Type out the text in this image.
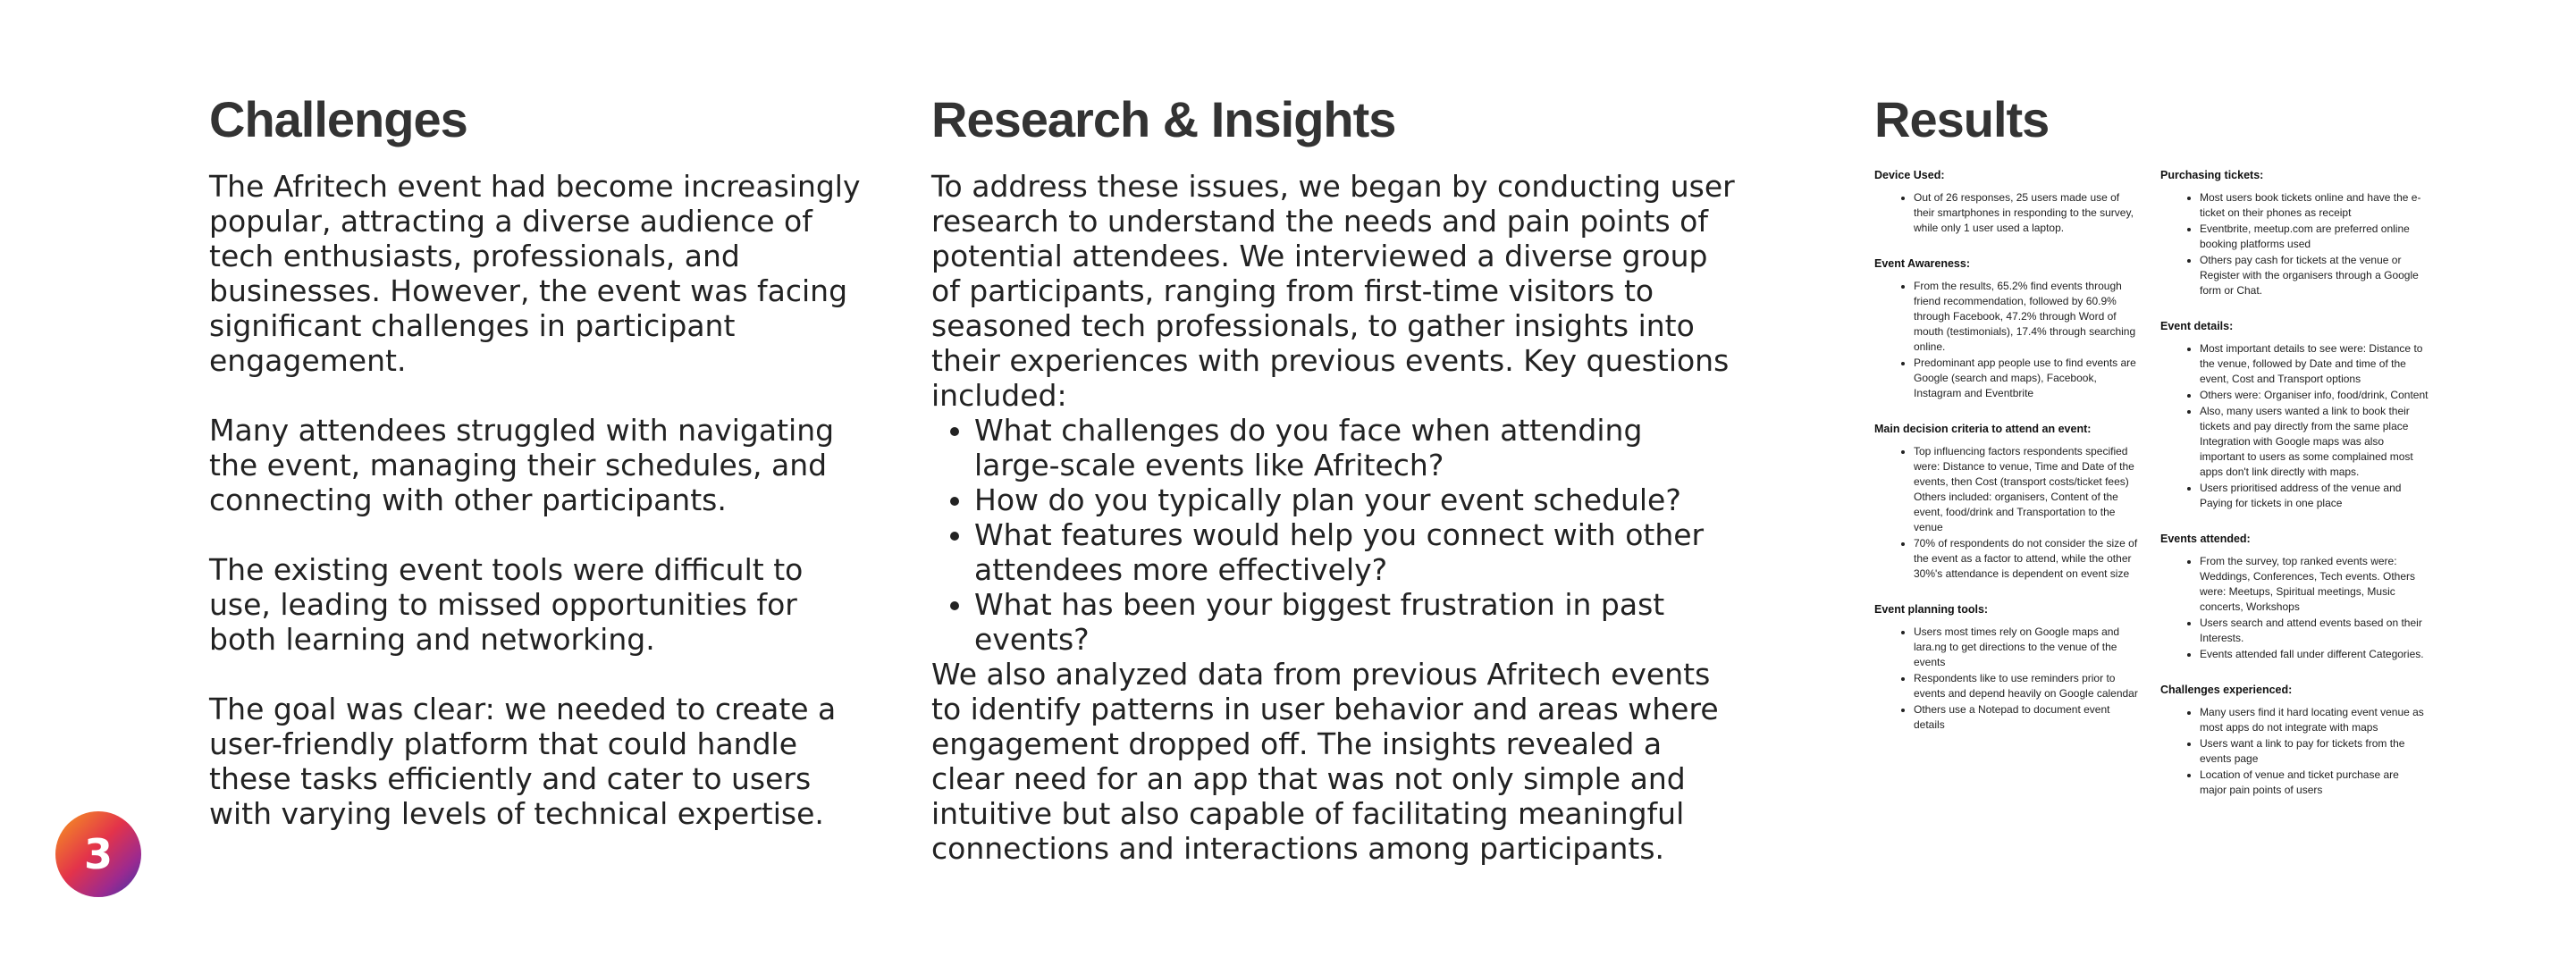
Challenges

The Afritech event had become increasingly popular, attracting a diverse audience of tech enthusiasts, professionals, and businesses. However, the event was facing significant challenges in participant engagement.

Many attendees struggled with navigating the event, managing their schedules, and connecting with other participants.

The existing event tools were difficult to use, leading to missed opportunities for both learning and networking.

The goal was clear: we needed to create a user-friendly platform that could handle these tasks efficiently and cater to users with varying levels of technical expertise.

Research & Insights
To address these issues, we began by conducting user research to understand the needs and pain points of potential attendees. We interviewed a diverse group of participants, ranging from first-time visitors to seasoned tech professionals, to gather insights into their experiences with previous events. Key questions included:
• What challenges do you face when attending large-scale events like Afritech?
• How do you typically plan your event schedule?
• What features would help you connect with other attendees more effectively?
• What has been your biggest frustration in past events?
We also analyzed data from previous Afritech events to identify patterns in user behavior and areas where engagement dropped off. The insights revealed a clear need for an app that was not only simple and intuitive but also capable of facilitating meaningful connections and interactions among participants.
Results
Device Used:
• Out of 26 responses, 25 users made use of their smartphones in responding to the survey, while only 1 user used a laptop.
Event Awareness:
• From the results, 65.2% find events through friend recommendation, followed by 60.9% through Facebook, 47.2% through Word of mouth (testimonials), 17.4% through searching online.
• Predominant app people use to find events are Google (search and maps), Facebook, Instagram and Eventbrite
Main decision criteria to attend an event:
• Top influencing factors respondents specified were: Distance to venue, Time and Date of the events, then Cost (transport costs/ticket fees) Others included: organisers, Content of the event, food/drink and Transportation to the venue
• 70% of respondents do not consider the size of the event as a factor to attend, while the other 30%'s attendance is dependent on event size
Event planning tools:
• Users most times rely on Google maps and lara.ng to get directions to the venue of the events
• Respondents like to use reminders prior to events and depend heavily on Google calendar
• Others use a Notepad to document event details
Purchasing tickets:
• Most users book tickets online and have the e-ticket on their phones as receipt
• Eventbrite, meetup.com are preferred online booking platforms used
• Others pay cash for tickets at the venue or Register with the organisers through a Google form or Chat.
Event details:
• Most important details to see were: Distance to the venue, followed by Date and time of the event, Cost and Transport options
• Others were: Organiser info, food/drink, Content
• Also, many users wanted a link to book their tickets and pay directly from the same place Integration with Google maps was also important to users as some complained most apps don't link directly with maps.
• Users prioritised address of the venue and Paying for tickets in one place
Events attended:
• From the survey, top ranked events were: Weddings, Conferences, Tech events. Others were: Meetups, Spiritual meetings, Music concerts, Workshops
• Users search and attend events based on their Interests.
• Events attended fall under different Categories.
Challenges experienced:
• Many users find it hard locating event venue as most apps do not integrate with maps
• Users want a link to pay for tickets from the events page
• Location of venue and ticket purchase are major pain points of users
3
